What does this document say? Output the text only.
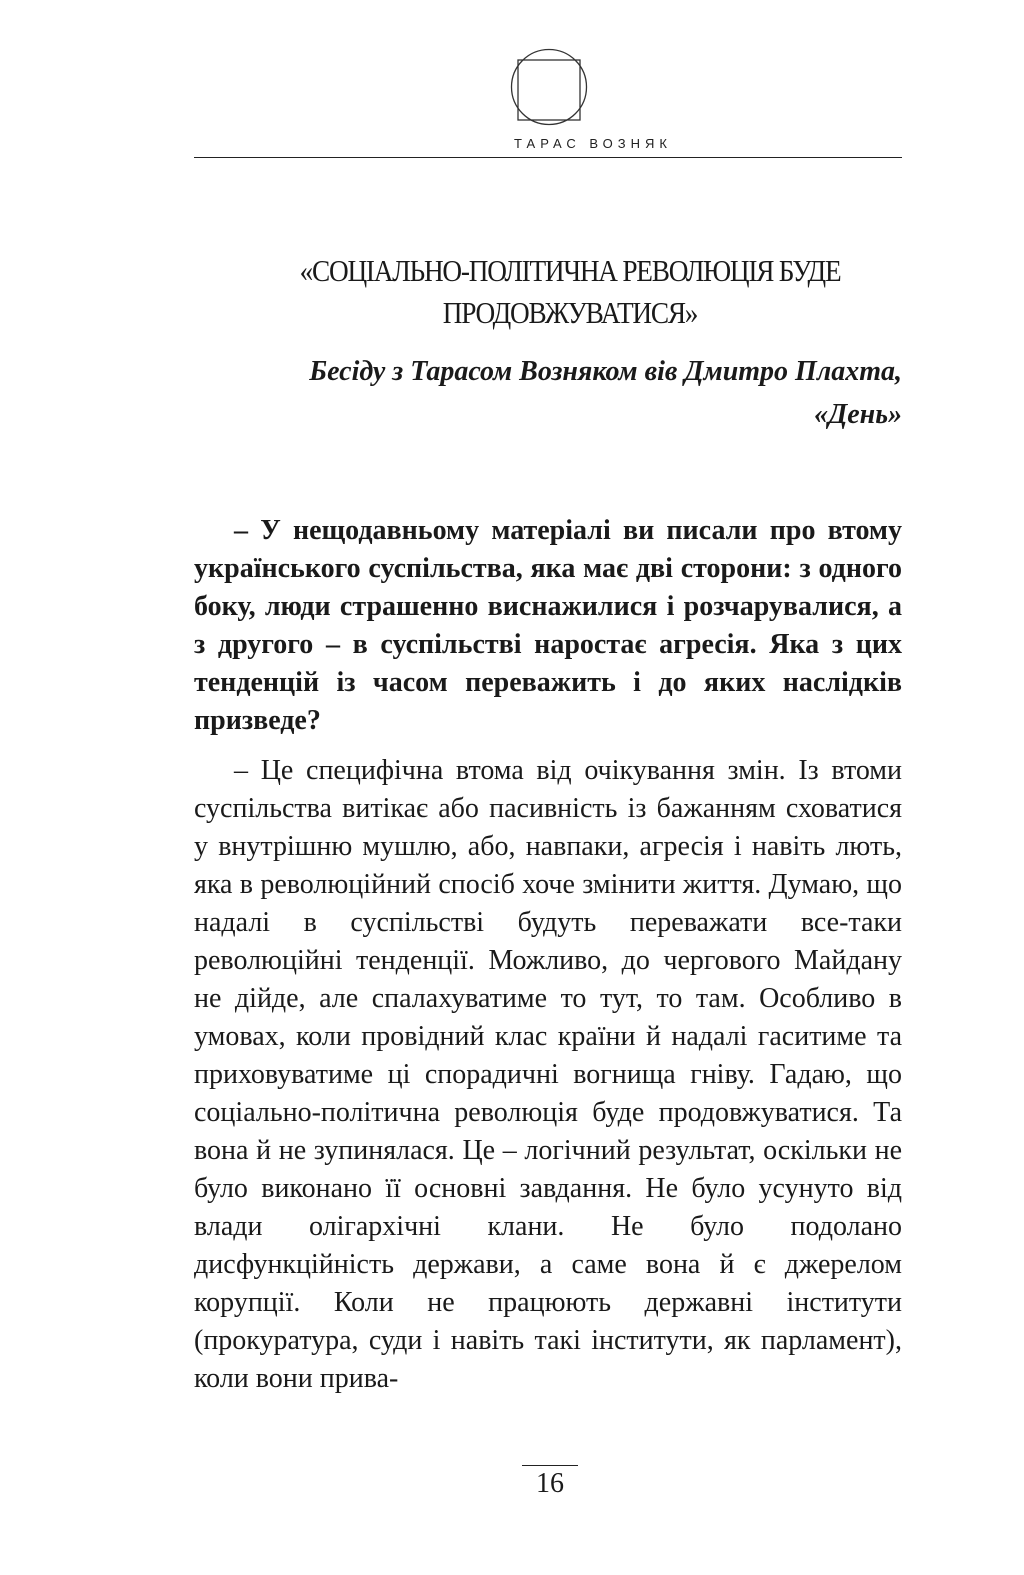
ТАРАС ВОЗНЯК
«СОЦІАЛЬНО-ПОЛІТИЧНА РЕВОЛЮЦІЯ БУДЕ
ПРОДОВЖУВАТИСЯ»

Бесіду з Тарасом Возняком вів Дмитро Плахта,
«День»

– У нещодавньому матеріалі ви писали про втому українського суспільства, яка має дві сторони: з одного боку, люди страшенно виснажилися і розчарувалися, а з другого – в суспільстві наростає агресія. Яка з цих тенденцій із часом переважить і до яких наслідків призведе?

– Це специфічна втома від очікування змін. Із втоми суспільства витікає або пасивність із бажанням сховатися у внутрішню мушлю, або, навпаки, агресія і навіть лють, яка в революційний спосіб хоче змінити життя. Думаю, що надалі в суспільстві будуть переважати все-таки революційні тенденції. Можливо, до чергового Майдану не дійде, але спалахуватиме то тут, то там. Особливо в умовах, коли провідний клас країни й надалі гаситиме та приховуватиме ці спорадичні вогнища гніву. Гадаю, що соціально-політична революція буде продовжуватися. Та вона й не зупинялася. Це – логічний результат, оскільки не було виконано її основні завдання. Не було усунуто від влади олігархічні клани. Не було подолано дисфункційність держави, а саме вона й є джерелом корупції. Коли не працюють державні інститути (прокуратура, суди і навіть такі інститути, як парламент), коли вони прива-

16
